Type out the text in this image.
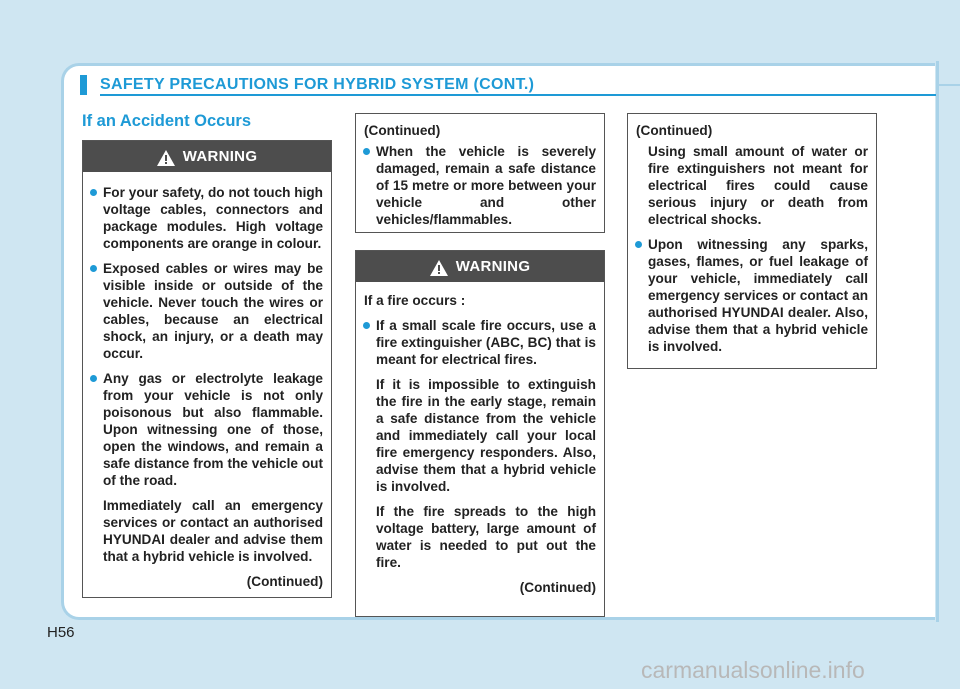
SAFETY PRECAUTIONS FOR HYBRID SYSTEM (CONT.)
If an Accident Occurs
WARNING
For your safety, do not touch high voltage cables, connectors and package modules. High voltage components are orange in colour.
Exposed cables or wires may be visible inside or outside of the vehicle. Never touch the wires or cables, because an electrical shock, an injury, or a death may occur.
Any gas or electrolyte leakage from your vehicle is not only poisonous but also flammable. Upon witnessing one of those, open the windows, and remain a safe distance from the vehicle out of the road.

Immediately call an emergency services or contact an authorised HYUNDAI dealer and advise them that a hybrid vehicle is involved.

(Continued)

(Continued)

When the vehicle is severely damaged, remain a safe distance of 15 metre or more between your vehicle and other vehicles/flammables.
WARNING

If a fire occurs :

If a small scale fire occurs, use a fire extinguisher (ABC, BC) that is meant for electrical fires.

If it is impossible to extinguish the fire in the early stage, remain a safe distance from the vehicle and immediately call your local fire emergency responders. Also, advise them that a hybrid vehicle is involved.

If the fire spreads to the high voltage battery, large amount of water is needed to put out the fire.

(Continued)

(Continued)

Using small amount of water or fire extinguishers not meant for electrical fires could cause serious injury or death from electrical shocks.

Upon witnessing any sparks, gases, flames, or fuel leakage of your vehicle, immediately call emergency services or contact an authorised HYUNDAI dealer. Also, advise them that a hybrid vehicle is involved.
H56
carmanualsonline.info
